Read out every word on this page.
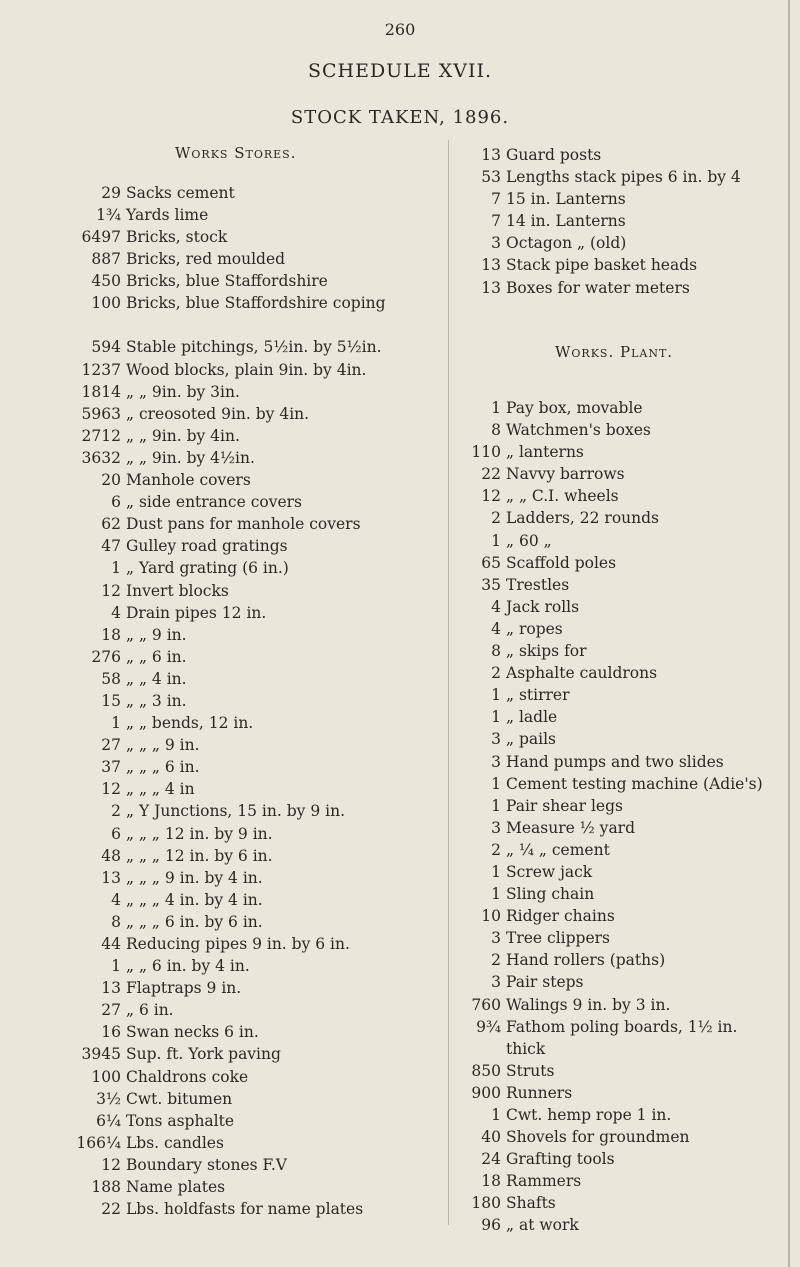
260
SCHEDULE XVII.
STOCK TAKEN, 1896.
Works Stores.
Works. Plant.
29 Sacks cement
1¾ Yards lime
6497 Bricks, stock
887 Bricks, red moulded
450 Bricks, blue Staffordshire
100 Bricks, blue Staffordshire coping
594 Stable pitchings, 5½in. by 5½in.
1237 Wood blocks, plain 9in. by 4in.
1814 „ „ 9in. by 3in.
5963 „ creosoted 9in. by 4in.
2712 „ „ 9in. by 4in.
3632 „ „ 9in. by 4½in.
20 Manhole covers
6 „ side entrance covers
62 Dust pans for manhole covers
47 Gulley road gratings
1 „ Yard grating (6 in.)
12 Invert blocks
4 Drain pipes 12 in.
18 „ „ 9 in.
276 „ „ 6 in.
58 „ „ 4 in.
15 „ „ 3 in.
1 „ „ bends, 12 in.
27 „ „ „ 9 in.
37 „ „ „ 6 in.
12 „ „ „ 4 in
2 „ Y Junctions, 15 in. by 9 in.
6 „ „ „ 12 in. by 9 in.
48 „ „ „ 12 in. by 6 in.
13 „ „ „ 9 in. by 4 in.
4 „ „ „ 4 in. by 4 in.
8 „ „ „ 6 in. by 6 in.
44 Reducing pipes 9 in. by 6 in.
1 „ „ 6 in. by 4 in.
13 Flaptraps 9 in.
27 „ 6 in.
16 Swan necks 6 in.
3945 Sup. ft. York paving
100 Chaldrons coke
3½ Cwt. bitumen
6¼ Tons asphalte
166¼ Lbs. candles
12 Boundary stones F.V
188 Name plates
22 Lbs. holdfasts for name plates
13 Guard posts
53 Lengths stack pipes 6 in. by 4
7 15 in. Lanterns
7 14 in. Lanterns
3 Octagon „ (old)
13 Stack pipe basket heads
13 Boxes for water meters
1 Pay box, movable
8 Watchmen's boxes
110 „ lanterns
22 Navvy barrows
12 „ „ C.I. wheels
2 Ladders, 22 rounds
1 „ 60 „
65 Scaffold poles
35 Trestles
4 Jack rolls
4 „ ropes
8 „ skips for
2 Asphalte cauldrons
1 „ stirrer
1 „ ladle
3 „ pails
3 Hand pumps and two slides
1 Cement testing machine (Adie's)
1 Pair shear legs
3 Measure ½ yard
2 „ ¼ „ cement
1 Screw jack
1 Sling chain
10 Ridger chains
3 Tree clippers
2 Hand rollers (paths)
3 Pair steps
760 Walings 9 in. by 3 in.
9¾ Fathom poling boards, 1½ in. thick
850 Struts
900 Runners
1 Cwt. hemp rope 1 in.
40 Shovels for groundmen
24 Grafting tools
18 Rammers
180 Shafts
96 „ at work
